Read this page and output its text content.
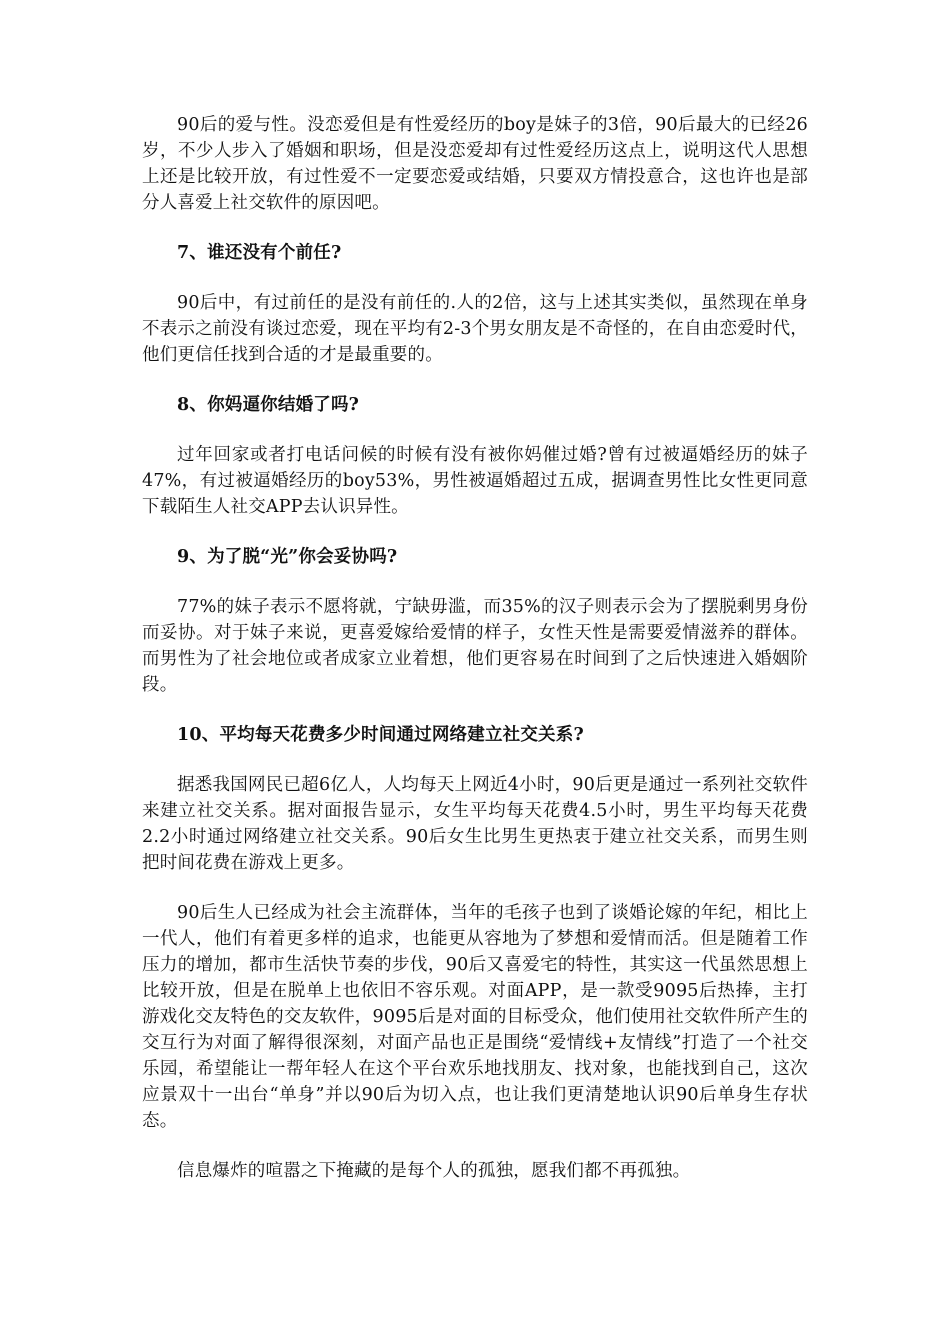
90后的爱与性。没恋爱但是有性爱经历的boy是妹子的3倍，90后最大的已经26岁，不少人步入了婚姻和职场，但是没恋爱却有过性爱经历这点上，说明这代人思想上还是比较开放，有过性爱不一定要恋爱或结婚，只要双方情投意合，这也许也是部分人喜爱上社交软件的原因吧。

7、谁还没有个前任?

90后中，有过前任的是没有前任的.人的2倍，这与上述其实类似，虽然现在单身不表示之前没有谈过恋爱，现在平均有2-3个男女朋友是不奇怪的，在自由恋爱时代，他们更信任找到合适的才是最重要的。

8、你妈逼你结婚了吗?

过年回家或者打电话问候的时候有没有被你妈催过婚?曾有过被逼婚经历的妹子47%，有过被逼婚经历的boy53%，男性被逼婚超过五成，据调查男性比女性更同意下载陌生人社交APP去认识异性。

9、为了脱“光”你会妥协吗?

77%的妹子表示不愿将就，宁缺毋滥，而35%的汉子则表示会为了摆脱剩男身份而妥协。对于妹子来说，更喜爱嫁给爱情的样子，女性天性是需要爱情滋养的群体。而男性为了社会地位或者成家立业着想，他们更容易在时间到了之后快速进入婚姻阶段。

10、平均每天花费多少时间通过网络建立社交关系?

据悉我国网民已超6亿人，人均每天上网近4小时，90后更是通过一系列社交软件来建立社交关系。据对面报告显示，女生平均每天花费4.5小时，男生平均每天花费2.2小时通过网络建立社交关系。90后女生比男生更热衷于建立社交关系，而男生则把时间花费在游戏上更多。

90后生人已经成为社会主流群体，当年的毛孩子也到了谈婚论嫁的年纪，相比上一代人，他们有着更多样的追求，也能更从容地为了梦想和爱情而活。但是随着工作压力的增加，都市生活快节奏的步伐，90后又喜爱宅的特性，其实这一代虽然思想上比较开放，但是在脱单上也依旧不容乐观。对面APP，是一款受9095后热捧，主打游戏化交友特色的交友软件，9095后是对面的目标受众，他们使用社交软件所产生的交互行为对面了解得很深刻，对面产品也正是围绕“爱情线+友情线”打造了一个社交乐园，希望能让一帮年轻人在这个平台欢乐地找朋友、找对象，也能找到自己，这次应景双十一出台“单身”并以90后为切入点，也让我们更清楚地认识90后单身生存状态。

信息爆炸的喧嚣之下掩藏的是每个人的孤独，愿我们都不再孤独。
